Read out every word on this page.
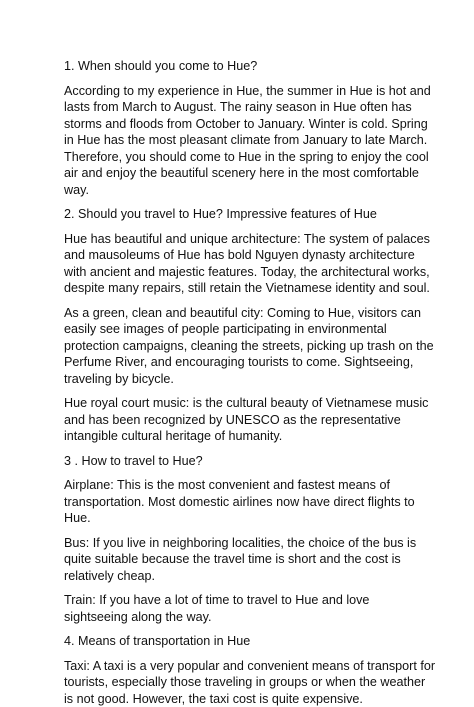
1. When should you come to Hue?

According to my experience in Hue, the summer in Hue is hot and lasts from March to August. The rainy season in Hue often has storms and floods from October to January. Winter is cold. Spring in Hue has the most pleasant climate from January to late March. Therefore, you should come to Hue in the spring to enjoy the cool air and enjoy the beautiful scenery here in the most comfortable way.

2. Should you travel to Hue? Impressive features of Hue

Hue has beautiful and unique architecture: The system of palaces and mausoleums of Hue has bold Nguyen dynasty architecture with ancient and majestic features. Today, the architectural works, despite many repairs, still retain the Vietnamese identity and soul.

As a green, clean and beautiful city: Coming to Hue, visitors can easily see images of people participating in environmental protection campaigns, cleaning the streets, picking up trash on the Perfume River, and encouraging tourists to come. Sightseeing, traveling by bicycle.

Hue royal court music: is the cultural beauty of Vietnamese music and has been recognized by UNESCO as the representative intangible cultural heritage of humanity.

3 . How to travel to Hue?

Airplane: This is the most convenient and fastest means of transportation. Most domestic airlines now have direct flights to Hue.

Bus: If you live in neighboring localities, the choice of the bus is quite suitable because the travel time is short and the cost is relatively cheap.

Train: If you have a lot of time to travel to Hue and love sightseeing along the way.

4. Means of transportation in Hue

Taxi: A taxi is a very popular and convenient means of transport for tourists, especially those traveling in groups or when the weather is not good. However, the taxi cost is quite expensive.
